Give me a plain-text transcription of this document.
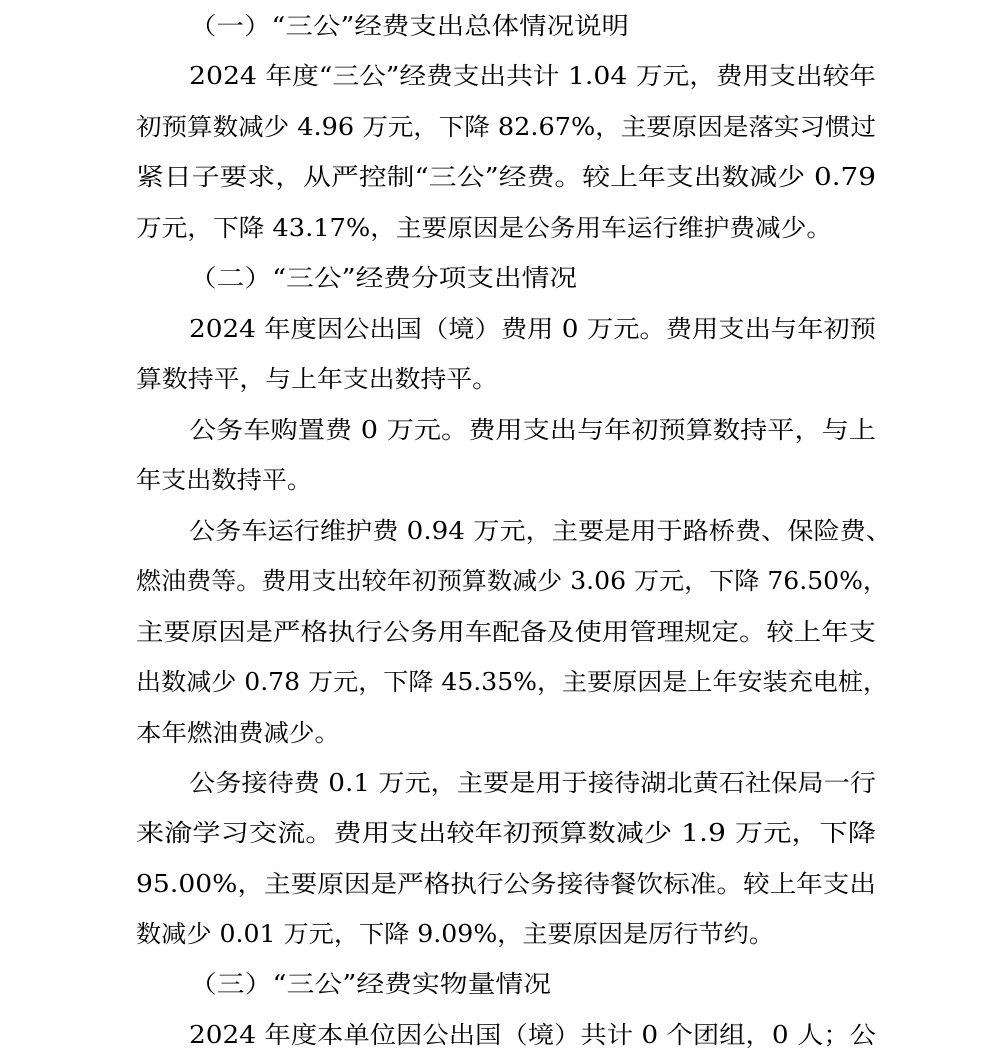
（一）“三公”经费支出总体情况说明
2024 年度“三公”经费支出共计 1.04 万元，费用支出较年
初预算数减少 4.96 万元，下降 82.67%，主要原因是落实习惯过
紧日子要求，从严控制“三公”经费。较上年支出数减少 0.79
万元，下降 43.17%，主要原因是公务用车运行维护费减少。
（二）“三公”经费分项支出情况
2024 年度因公出国（境）费用 0 万元。费用支出与年初预
算数持平，与上年支出数持平。
公务车购置费 0 万元。费用支出与年初预算数持平，与上
年支出数持平。
公务车运行维护费 0.94 万元，主要是用于路桥费、保险费、
燃油费等。费用支出较年初预算数减少 3.06 万元，下降 76.50%，
主要原因是严格执行公务用车配备及使用管理规定。较上年支
出数减少 0.78 万元，下降 45.35%，主要原因是上年安装充电桩，
本年燃油费减少。
公务接待费 0.1 万元，主要是用于接待湖北黄石社保局一行
来渝学习交流。费用支出较年初预算数减少 1.9 万元，下降
95.00%，主要原因是严格执行公务接待餐饮标准。较上年支出
数减少 0.01 万元，下降 9.09%，主要原因是厉行节约。
（三）“三公”经费实物量情况
2024 年度本单位因公出国（境）共计 0 个团组，0 人；公
